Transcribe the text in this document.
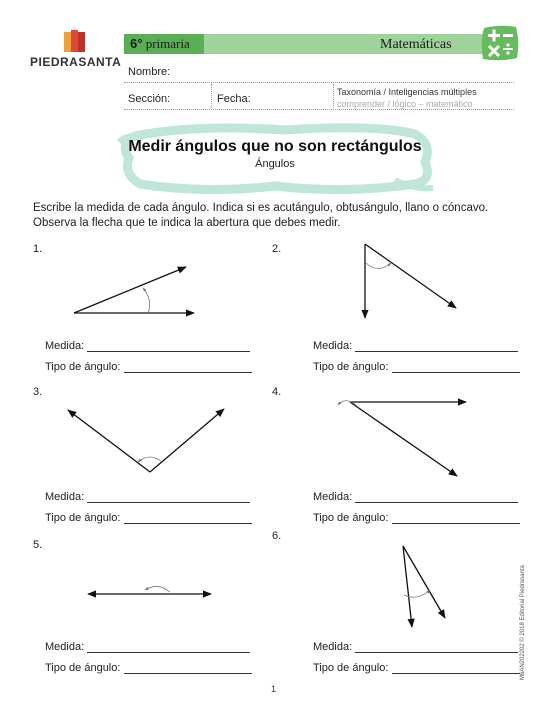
PIEDRASANTA
6° primaria	Matemáticas
Nombre:
Sección:	Fecha:
Taxonomía / Inteligencias múltiples
comprender / lógico – matemático
Medir ángulos que no son rectángulos
Ángulos
Escribe la medida de cada ángulo. Indica si es acutángulo, obtusángulo, llano o cóncavo. Observa la flecha que te indica la abertura que debes medir.
1.
Medida:
Tipo de ángulo:
2.
Medida:
Tipo de ángulo:
3.
Medida:
Tipo de ángulo:
4.
Medida:
Tipo de ángulo:
5.
Medida:
Tipo de ángulo:
6.
Medida:
Tipo de ángulo:
1
M6AN202202 © 2018 Editorial Piedrasanta
